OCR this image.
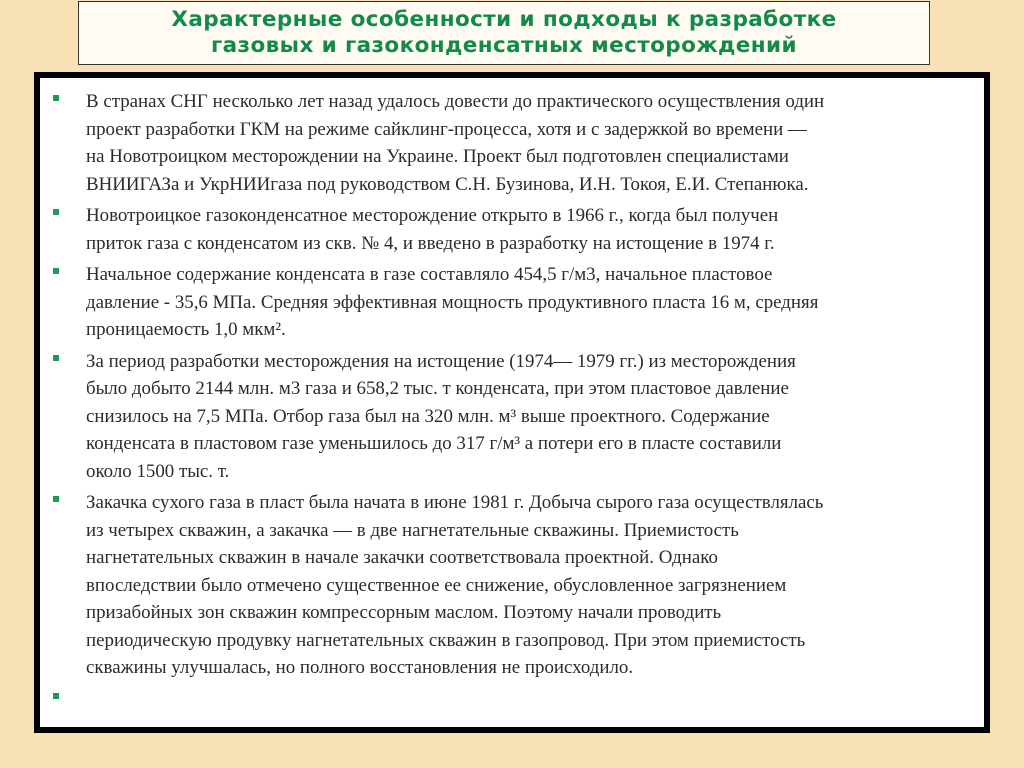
Характерные особенности и подходы к разработке
газовых и газоконденсатных месторождений
В странах СНГ несколько лет назад удалось довести до практического осуществления один
проект разработки ГКМ на режиме сайклинг-процесса, хотя и с задержкой во времени —
на Новотроицком месторождении на Украине. Проект был подготовлен специалистами
ВНИИГАЗа и УкрНИИгаза под руководством С.Н. Бузинова, И.Н. Токоя, Е.И. Степанюка.
Новотроицкое газоконденсатное месторождение открыто в 1966 г., когда был получен
приток газа с конденсатом из скв. № 4, и введено в разработку на истощение в 1974 г.
Начальное содержание конденсата в газе составляло 454,5 г/м3, начальное пластовое
давление - 35,6 МПа. Средняя эффективная мощность продуктивного пласта 16 м, средняя
проницаемость 1,0 мкм².
За период разработки месторождения на истощение (1974— 1979 гг.) из месторождения
было добыто 2144 млн. м3 газа и 658,2 тыс. т конденсата, при этом пластовое давление
снизилось на 7,5 МПа. Отбор газа был на 320 млн. м³ выше проектного. Содержание
конденсата в пластовом газе уменьшилось до 317 г/м³ а потери его в пласте составили
около 1500 тыс. т.
Закачка сухого газа в пласт была начата в июне 1981 г. Добыча сырого газа осуществлялась
из четырех скважин, а закачка — в две нагнетательные скважины. Приемистость
нагнетательных скважин в начале закачки соответствовала проектной. Однако
впоследствии было отмечено существенное ее снижение, обусловленное загрязнением
призабойных зон скважин компрессорным маслом. Поэтому начали проводить
периодическую продувку нагнетательных скважин в газопровод. При этом приемистость
скважины улучшалась, но полного восстановления не происходило.
